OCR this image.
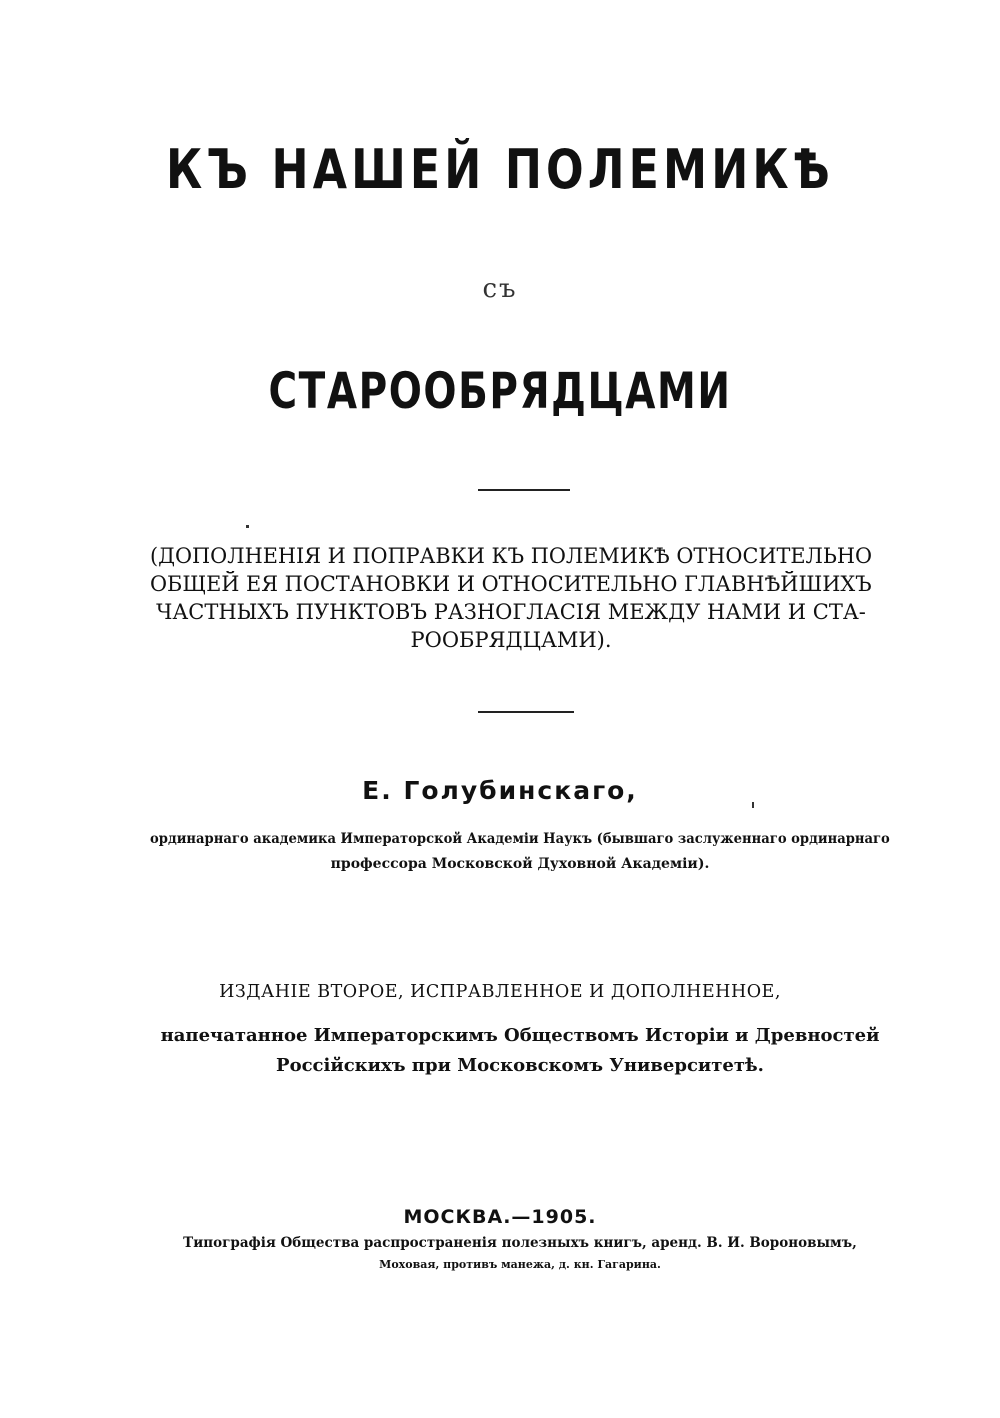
КЪ НАШЕЙ ПОЛЕМИКѢ
съ
СТАРООБРЯДЦАМИ
(ДОПОЛНЕНІЯ И ПОПРАВКИ КЪ ПОЛЕМИКѢ ОТНОСИТЕЛЬНО
ОБЩЕЙ ЕЯ ПОСТАНОВКИ И ОТНОСИТЕЛЬНО ГЛАВНѢЙШИХЪ
ЧАСТНЫХЪ ПУНКТОВЪ РАЗНОГЛАСІЯ МЕЖДУ НАМИ И СТА-
РООБРЯДЦАМИ).
Е. Голубинскаго,
ординарнаго академика Императорской Академіи Наукъ (бывшаго заслуженнаго ординарнаго
профессора Московской Духовной Академіи).
ИЗДАНІЕ ВТОРОЕ, ИСПРАВЛЕННОЕ И ДОПОЛНЕННОЕ,
напечатанное Императорскимъ Обществомъ Исторіи и Древностей
Россійскихъ при Московскомъ Университетѣ.
МОСКВА.—1905.
Типографія Общества распространенія полезныхъ книгъ, аренд. В. И. Вороновымъ,
Моховая, противъ манежа, д. кн. Гагарина.
